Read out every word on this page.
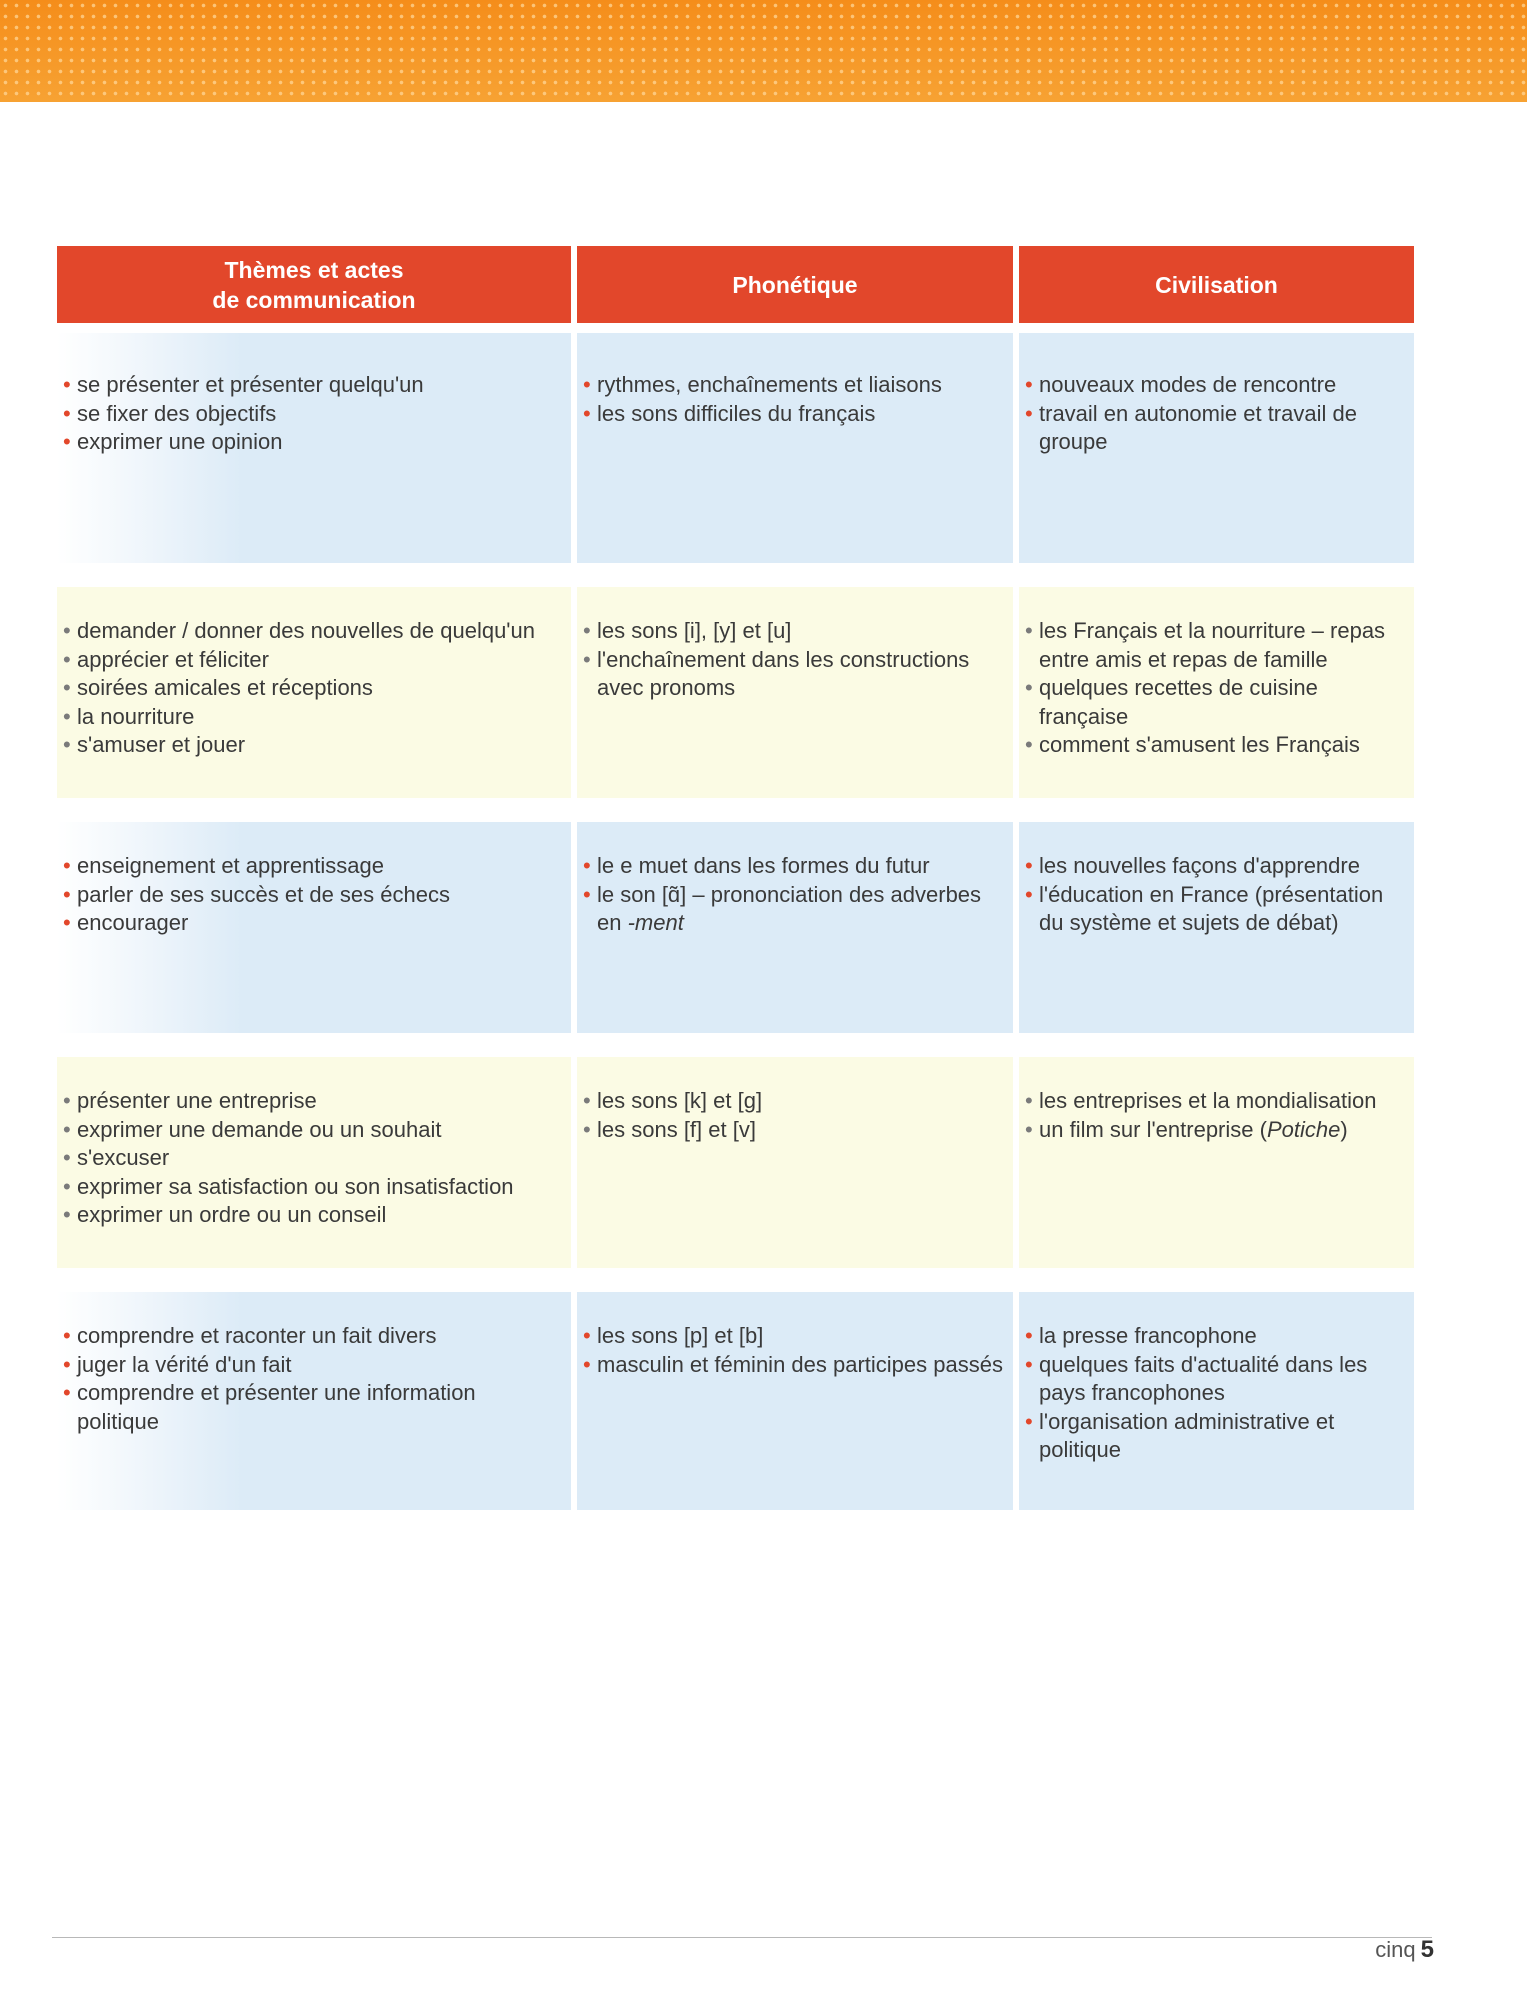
Thèmes et actes
de communication
Phonétique	Civilisation
• se présenter et présenter quelqu'un
• se fixer des objectifs
• exprimer une opinion
• rythmes, enchaînements et liaisons
• les sons difficiles du français
• nouveaux modes de rencontre
• travail en autonomie et travail de groupe
• demander / donner des nouvelles de quelqu'un
• apprécier et féliciter
• soirées amicales et réceptions
• la nourriture
• s'amuser et jouer
• les sons [i], [y] et [u]
• l'enchaînement dans les constructions avec pronoms
• les Français et la nourriture – repas entre amis et repas de famille
• quelques recettes de cuisine française
• comment s'amusent les Français
• enseignement et apprentissage
• parler de ses succès et de ses échecs
• encourager
• le e muet dans les formes du futur
• le son [ɑ̃] – prononciation des adverbes en -ment
• les nouvelles façons d'apprendre
• l'éducation en France (présentation du système et sujets de débat)
• présenter une entreprise
• exprimer une demande ou un souhait
• s'excuser
• exprimer sa satisfaction ou son insatisfaction
• exprimer un ordre ou un conseil
• les sons [k] et [g]
• les sons [f] et [v]
• les entreprises et la mondialisation
• un film sur l'entreprise (Potiche)
• comprendre et raconter un fait divers
• juger la vérité d'un fait
• comprendre et présenter une information politique
• les sons [p] et [b]
• masculin et féminin des participes passés
• la presse francophone
• quelques faits d'actualité dans les pays francophones
• l'organisation administrative et politique
cinq 5
